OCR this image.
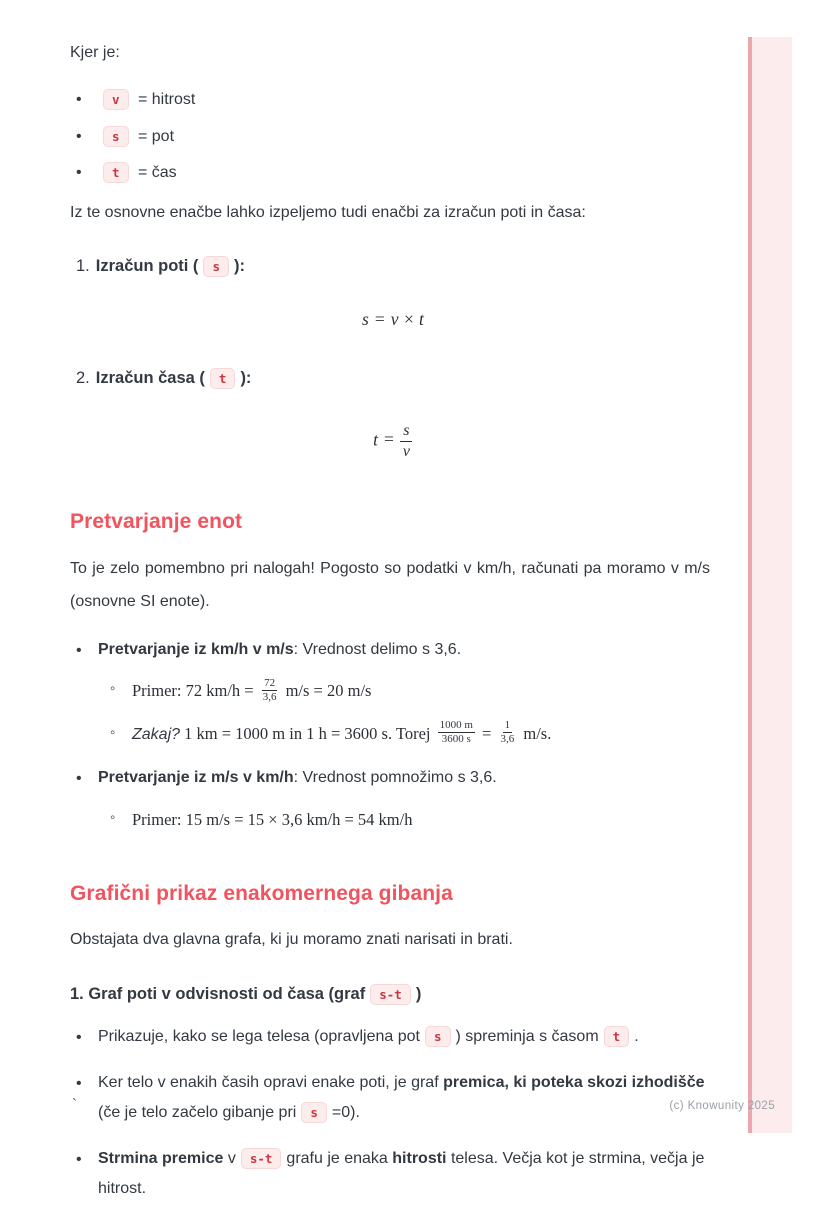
Kjer je:

• v = hitrost
• s = pot
• t = čas

Iz te osnovne enačbe lahko izpeljemo tudi enačbi za izračun poti in časa:

1. Izračun poti ( s ):
s = v × t
2. Izračun časa ( t ):
$t = \frac{s}{v}$
Pretvarjanje enot

To je zelo pomembno pri nalogah! Pogosto so podatki v km/h, računati pa moramo v m/s (osnovne SI enote).

• Pretvarjanje iz km/h v m/s: Vrednost delimo s 3,6.
◦ Primer: 72 $km/h = \frac{72}{3,6} m/s = 20$ m/s
◦ Zakaj? 1 km = 1000 m in 1 h = 3600 s. Torej $\frac{1000 m}{3600 s} = \frac{1}{3,6} m/s$.
• Pretvarjanje iz m/s v km/h: Vrednost pomnožimo s 3,6.
◦ Primer: 15 m/s = 15 × 3,6 km/h = 54 km/h
Grafični prikaz enakomernega gibanja

Obstajata dva glavna grafa, ki ju moramo znati narisati in brati.

1. Graf poti v odvisnosti od časa (graf s-t )

• Prikazuje, kako se lega telesa (opravljena pot s ) spreminja s časom t .
• Ker telo v enakih časih opravi enake poti, je graf premica, ki poteka skozi izhodišče (če je telo začelo gibanje pri s =0).
• Strmina premice v s-t grafu je enaka hitrosti telesa. Večja kot je strmina, večja je hitrost.
`	(c) Knowunity 2025
